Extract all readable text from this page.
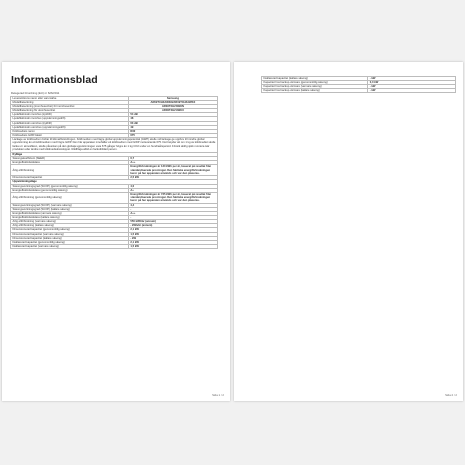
Informationsblad
Delegerad förordning (EU) nr 626/2011
Leverantörens namn eller varumärke	Samsung
Modellbeteckning	AR09TXHZAWKN/AR09TXHZAWKX
Modellbeteckning (inomhusenhet) för inomhusenhet	AR09TXHZAWKN
Modellbeteckning för utomhusenhet	AR09TXHZAWKX
Ljudeffektnivån inomhus (kyldrift)	54 dB
Ljudeffektnivån inomhus (uppvärmningsdrift)	48
Ljudeffektnivån utomhus (kyldrift)	63 dB
Ljudeffektnivån utomhus (uppvärmningsdrift)	49
Köldmediets namn	R32
Köldmediets GWP-faktor	675
Läckage av köldmedium bidrar till klimatförändringen. Köldmedium med lägre global uppvärmningspotential (GWP) skulle vid läckage ge upphov till mindre global uppvärmning än ett köldmedium med högre GWP. Den här apparaten innehåller ett köldmedium med GWP motsvarande 675. Det betyder att om 1 kg av köldmediet skulle läcka ut i atmosfären, skulle påverkan på den globala uppvärmningen vara 675 gånger högre än 1 kg CO2 under en hundraårsperiod. Försök aldrig själv montera isär produkten eller ändra med köldmediekretsloppet. Rådfråga alltid en fackutbildad person.	
Kylläge	
Säsongskoefficient (SEER)	6,7
Energieffektivitetsklass	A++
Årlig elförbrukning	Energiförbrukningen är 130 kWh per år, baserat på resultat från standardiserade provningar. Den faktiska energiförbrukningen beror på hur apparaten används och var den placeras.
Dimensionerad kapacitet	2,5 kW
Uppvärmningsläge	
Säsongsverkningsgrad (SCOP) (genomsnittlig säsong)	4,0
Energieffektivitetsklass (genomsnittlig säsong)	A+
Årlig elförbrukning (genomsnittlig säsong)	Energiförbrukningen är 735 kWh per år, baserat på resultat från standardiserade provningar. Den faktiska energiförbrukningen beror på hur apparaten används och var den placeras.
Säsongsverkningsgrad (SCOP) (varmare säsong)	4,4
Säsongsverkningsgrad (SCOP) (kallare säsong)	-
Energieffektivitetsklass (varmare säsong)	A++
Energieffektivitetsklass (kallare säsong)	-
Årlig elförbrukning (varmare säsong)	550 kWh/år (annum)
Årlig elförbrukning (kallare säsong)	- kWh/år (annum)
Dimensionerad kapacitet (genomsnittlig säsong)	2,1 kW
Dimensionerad kapacitet (varmare säsong)	1,5 kW
Dimensionerad kapacitet (kallare säsong)	- kW
Deklarerad kapacitet (genomsnittlig säsong)	2,1 kW
Deklarerad kapacitet (varmare säsong)	1,5 kW
Sida 1 / 2
Deklarerad kapacitet (kallare säsong)	- kW
Kapacitet hos backup-värmare (genomsnittlig säsong)	0,0 kW
Kapacitet hos backup-värmare (varmare säsong)	- kW
Kapacitet hos backup-värmare (kallare säsong)	- kW
Sida 2 / 2
